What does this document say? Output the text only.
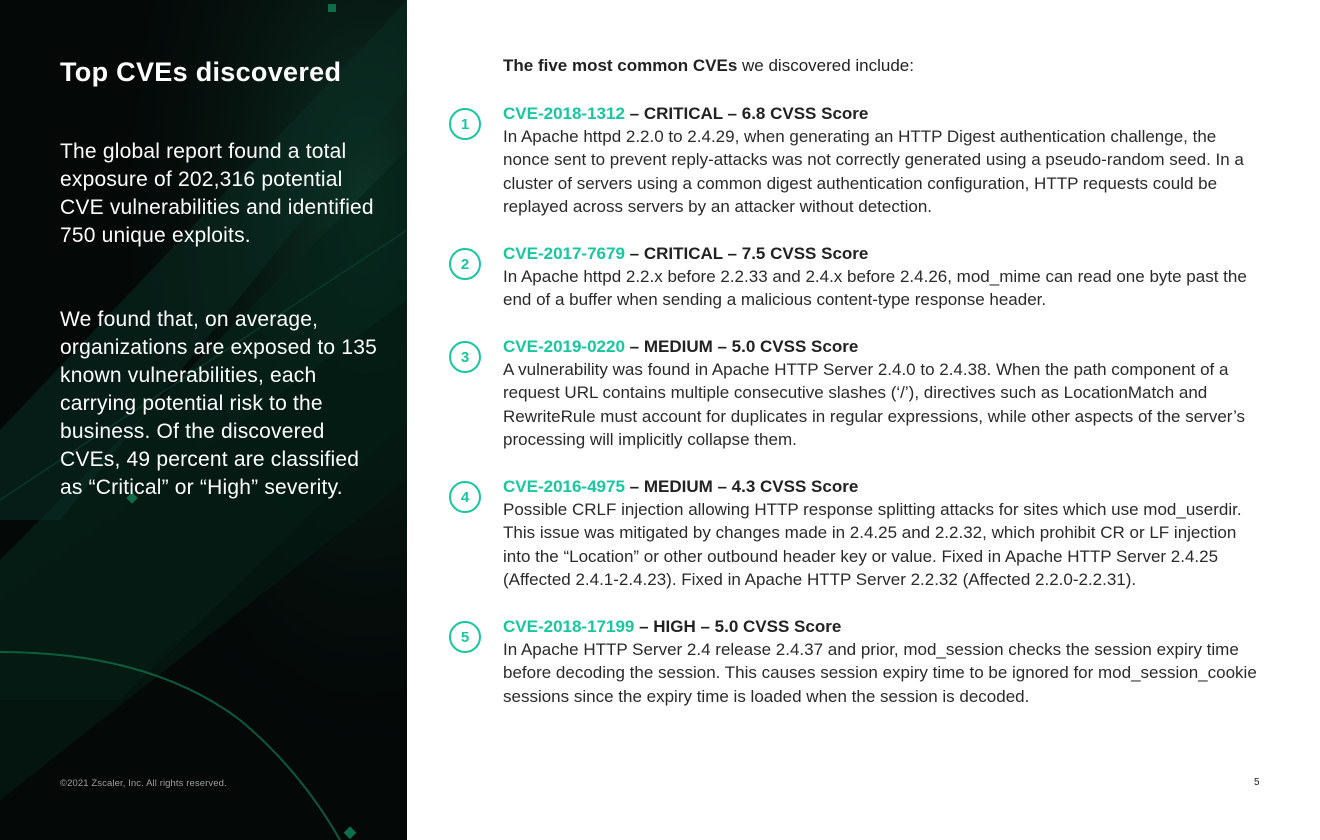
Top CVEs discovered
The global report found a total exposure of 202,316 potential CVE vulnerabilities and identified 750 unique exploits.
We found that, on average, organizations are exposed to 135 known vulnerabilities, each carrying potential risk to the business. Of the discovered CVEs, 49 percent are classified as “Critical” or “High” severity.
©2021 Zscaler, Inc. All rights reserved.
The five most common CVEs we discovered include:
1
CVE-2018-1312 – CRITICAL – 6.8 CVSS Score
In Apache httpd 2.2.0 to 2.4.29, when generating an HTTP Digest authentication challenge, the nonce sent to prevent reply-attacks was not correctly generated using a pseudo-random seed. In a cluster of servers using a common digest authentication configuration, HTTP requests could be replayed across servers by an attacker without detection.
2
CVE-2017-7679 – CRITICAL – 7.5 CVSS Score
In Apache httpd 2.2.x before 2.2.33 and 2.4.x before 2.4.26, mod_mime can read one byte past the end of a buffer when sending a malicious content-type response header.
3
CVE-2019-0220 – MEDIUM – 5.0 CVSS Score
A vulnerability was found in Apache HTTP Server 2.4.0 to 2.4.38. When the path component of a request URL contains multiple consecutive slashes (‘/’), directives such as LocationMatch and RewriteRule must account for duplicates in regular expressions, while other aspects of the server’s processing will implicitly collapse them.
4
CVE-2016-4975 – MEDIUM – 4.3 CVSS Score
Possible CRLF injection allowing HTTP response splitting attacks for sites which use mod_userdir. This issue was mitigated by changes made in 2.4.25 and 2.2.32, which prohibit CR or LF injection into the “Location” or other outbound header key or value. Fixed in Apache HTTP Server 2.4.25 (Affected 2.4.1-2.4.23). Fixed in Apache HTTP Server 2.2.32 (Affected 2.2.0-2.2.31).
5
CVE-2018-17199 – HIGH – 5.0 CVSS Score
In Apache HTTP Server 2.4 release 2.4.37 and prior, mod_session checks the session expiry time before decoding the session. This causes session expiry time to be ignored for mod_session_cookie sessions since the expiry time is loaded when the session is decoded.
5
